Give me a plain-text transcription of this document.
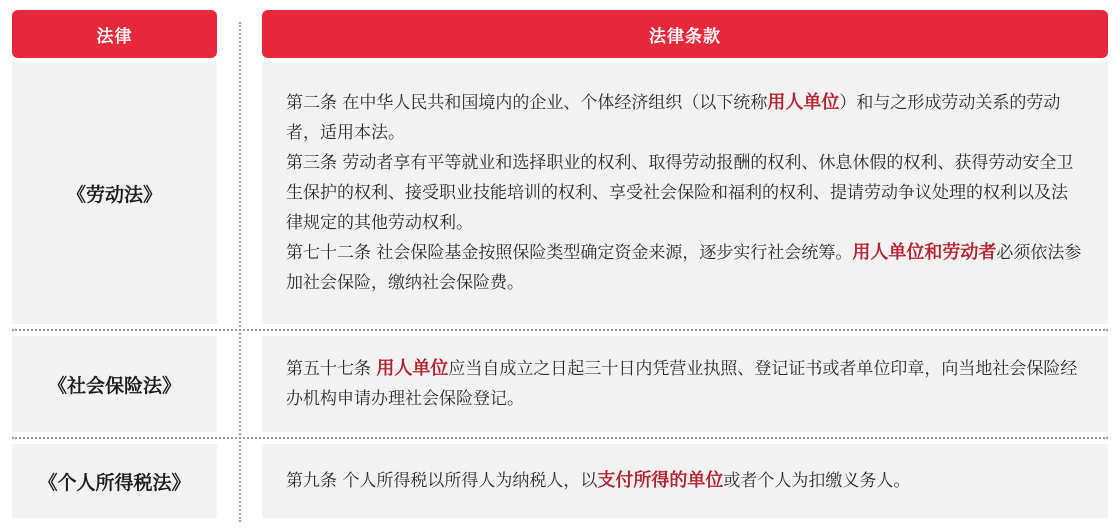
法律	法律条款
《劳动法》

第二条 在中华人民共和国境内的企业、个体经济组织（以下统称用人单位）和与之形成劳动关系的劳动者，适用本法。

第三条 劳动者享有平等就业和选择职业的权利、取得劳动报酬的权利、休息休假的权利、获得劳动安全卫生保护的权利、接受职业技能培训的权利、享受社会保险和福利的权利、提请劳动争议处理的权利以及法律规定的其他劳动权利。

第七十二条 社会保险基金按照保险类型确定资金来源，逐步实行社会统筹。用人单位和劳动者必须依法参加社会保险，缴纳社会保险费。

《社会保险法》

第五十七条 用人单位应当自成立之日起三十日内凭营业执照、登记证书或者单位印章，向当地社会保险经办机构申请办理社会保险登记。

《个人所得税法》	第九条 个人所得税以所得人为纳税人，以支付所得的单位或者个人为扣缴义务人。
